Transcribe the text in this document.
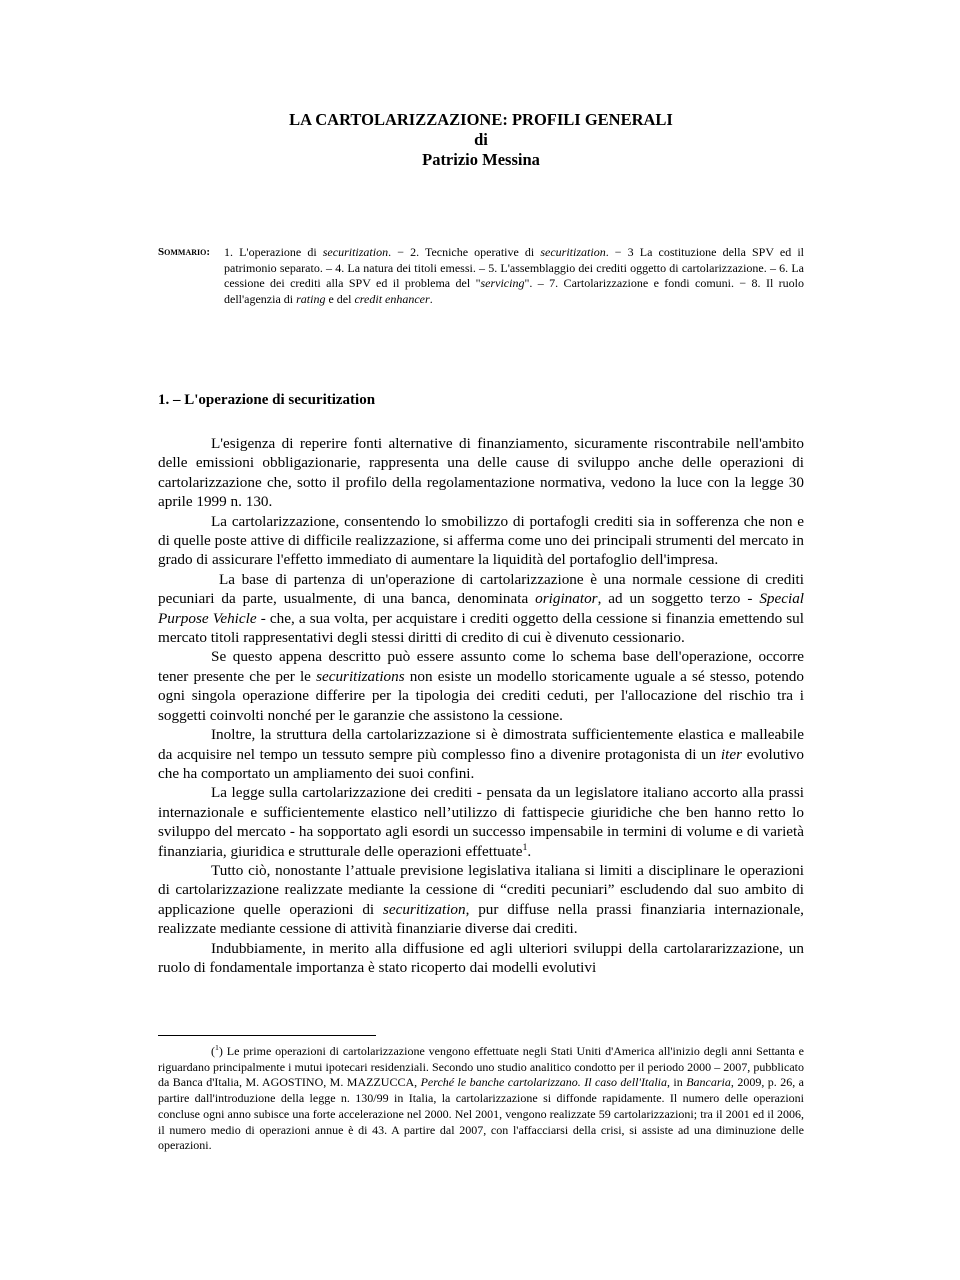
LA CARTOLARIZZAZIONE: PROFILI GENERALI
di
Patrizio Messina
Sommario: 1. L'operazione di securitization. − 2. Tecniche operative di securitization. − 3 La costituzione della SPV ed il patrimonio separato. – 4. La natura dei titoli emessi. – 5. L'assemblaggio dei crediti oggetto di cartolarizzazione. – 6. La cessione dei crediti alla SPV ed il problema del "servicing". – 7. Cartolarizzazione e fondi comuni. − 8. Il ruolo dell'agenzia di rating e del credit enhancer.
1. – L'operazione di securitization

L'esigenza di reperire fonti alternative di finanziamento, sicuramente riscontrabile nell'ambito delle emissioni obbligazionarie, rappresenta una delle cause di sviluppo anche delle operazioni di cartolarizzazione che, sotto il profilo della regolamentazione normativa, vedono la luce con la legge 30 aprile 1999 n. 130.

La cartolarizzazione, consentendo lo smobilizzo di portafogli crediti sia in sofferenza che non e di quelle poste attive di difficile realizzazione, si afferma come uno dei principali strumenti del mercato in grado di assicurare l'effetto immediato di aumentare la liquidità del portafoglio dell'impresa.

La base di partenza di un'operazione di cartolarizzazione è una normale cessione di crediti pecuniari da parte, usualmente, di una banca, denominata originator, ad un soggetto terzo - Special Purpose Vehicle - che, a sua volta, per acquistare i crediti oggetto della cessione si finanzia emettendo sul mercato titoli rappresentativi degli stessi diritti di credito di cui è divenuto cessionario.

Se questo appena descritto può essere assunto come lo schema base dell'operazione, occorre tener presente che per le securitizations non esiste un modello storicamente uguale a sé stesso, potendo ogni singola operazione differire per la tipologia dei crediti ceduti, per l'allocazione del rischio tra i soggetti coinvolti nonché per le garanzie che assistono la cessione.

Inoltre, la struttura della cartolarizzazione si è dimostrata sufficientemente elastica e malleabile da acquisire nel tempo un tessuto sempre più complesso fino a divenire protagonista di un iter evolutivo che ha comportato un ampliamento dei suoi confini.

La legge sulla cartolarizzazione dei crediti - pensata da un legislatore italiano accorto alla prassi internazionale e sufficientemente elastico nell’utilizzo di fattispecie giuridiche che ben hanno retto lo sviluppo del mercato - ha sopportato agli esordi un successo impensabile in termini di volume e di varietà finanziaria, giuridica e strutturale delle operazioni effettuate$^1$.

Tutto ciò, nonostante l’attuale previsione legislativa italiana si limiti a disciplinare le operazioni di cartolarizzazione realizzate mediante la cessione di “crediti pecuniari” escludendo dal suo ambito di applicazione quelle operazioni di securitization, pur diffuse nella prassi finanziaria internazionale, realizzate mediante cessione di attività finanziarie diverse dai crediti.

Indubbiamente, in merito alla diffusione ed agli ulteriori sviluppi della cartolararizzazione, un ruolo di fondamentale importanza è stato ricoperto dai modelli evolutivi

($^1$) Le prime operazioni di cartolarizzazione vengono effettuate negli Stati Uniti d'America all'inizio degli anni Settanta e riguardano principalmente i mutui ipotecari residenziali. Secondo uno studio analitico condotto per il periodo 2000 – 2007, pubblicato da Banca d'Italia, M. AGOSTINO, M. MAZZUCCA, Perché le banche cartolarizzano. Il caso dell'Italia, in Bancaria, 2009, p. 26, a partire dall'introduzione della legge n. 130/99 in Italia, la cartolarizzazione si diffonde rapidamente. Il numero delle operazioni concluse ogni anno subisce una forte accelerazione nel 2000. Nel 2001, vengono realizzate 59 cartolarizzazioni; tra il 2001 ed il 2006, il numero medio di operazioni annue è di 43. A partire dal 2007, con l'affacciarsi della crisi, si assiste ad una diminuzione delle operazioni.
